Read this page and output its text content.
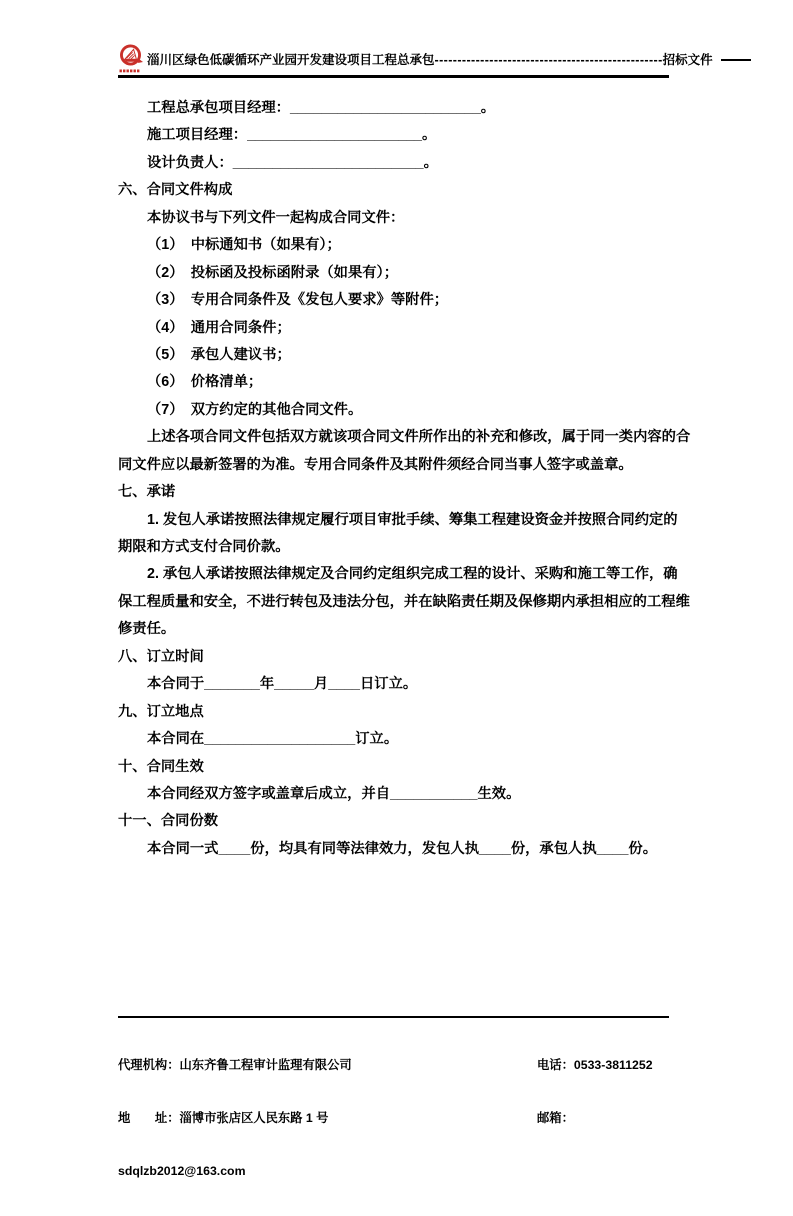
淄川区绿色低碳循环产业园开发建设项目工程总承包--------------------------------------------------招标文件

工程总承包项目经理：________________________。

施工项目经理：______________________。

设计负责人：________________________。

六、合同文件构成

本协议书与下列文件一起构成合同文件：

（1）　中标通知书（如果有）；

（2）　投标函及投标函附录（如果有）；

（3）　专用合同条件及《发包人要求》等附件；

（4）　通用合同条件；

（5）　承包人建议书；

（6）　价格清单；

（7）　双方约定的其他合同文件。

上述各项合同文件包括双方就该项合同文件所作出的补充和修改，属于同一类内容的合

同文件应以最新签署的为准。专用合同条件及其附件须经合同当事人签字或盖章。

七、承诺

1. 发包人承诺按照法律规定履行项目审批手续、筹集工程建设资金并按照合同约定的

期限和方式支付合同价款。

2. 承包人承诺按照法律规定及合同约定组织完成工程的设计、采购和施工等工作，确

保工程质量和安全，不进行转包及违法分包，并在缺陷责任期及保修期内承担相应的工程维

修责任。

八、订立时间

本合同于_______年_____月____日订立。

九、订立地点

本合同在___________________订立。

十、合同生效

本合同经双方签字或盖章后成立，并自___________生效。

十一、合同份数

本合同一式____份，均具有同等法律效力，发包人执____份，承包人执____份。

代理机构：山东齐鲁工程审计监理有限公司

地　　址：淄博市张店区人民东路 1 号

sdqlzb2012@163.com

电话：0533-3811252

邮箱：
